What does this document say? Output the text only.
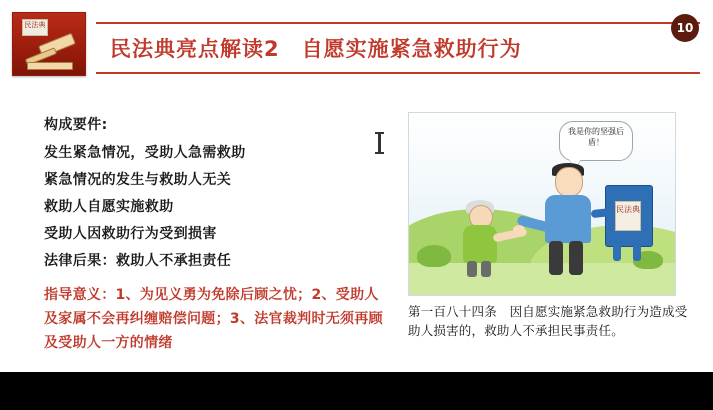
民法典
民法典亮点解读2　自愿实施紧急救助行为
10
构成要件:
发生紧急情况，受助人急需救助
紧急情况的发生与救助人无关
救助人自愿实施救助
受助人因救助行为受到损害
法律后果：救助人不承担责任
指导意义：1、为见义勇为免除后顾之忧；2、受助人及家属不会再纠缠赔偿问题；3、法官裁判时无须再顾及受助人一方的情绪
我是你的坚强后盾！
民法典
第一百八十四条　因自愿实施紧急救助行为造成受助人损害的，救助人不承担民事责任。
